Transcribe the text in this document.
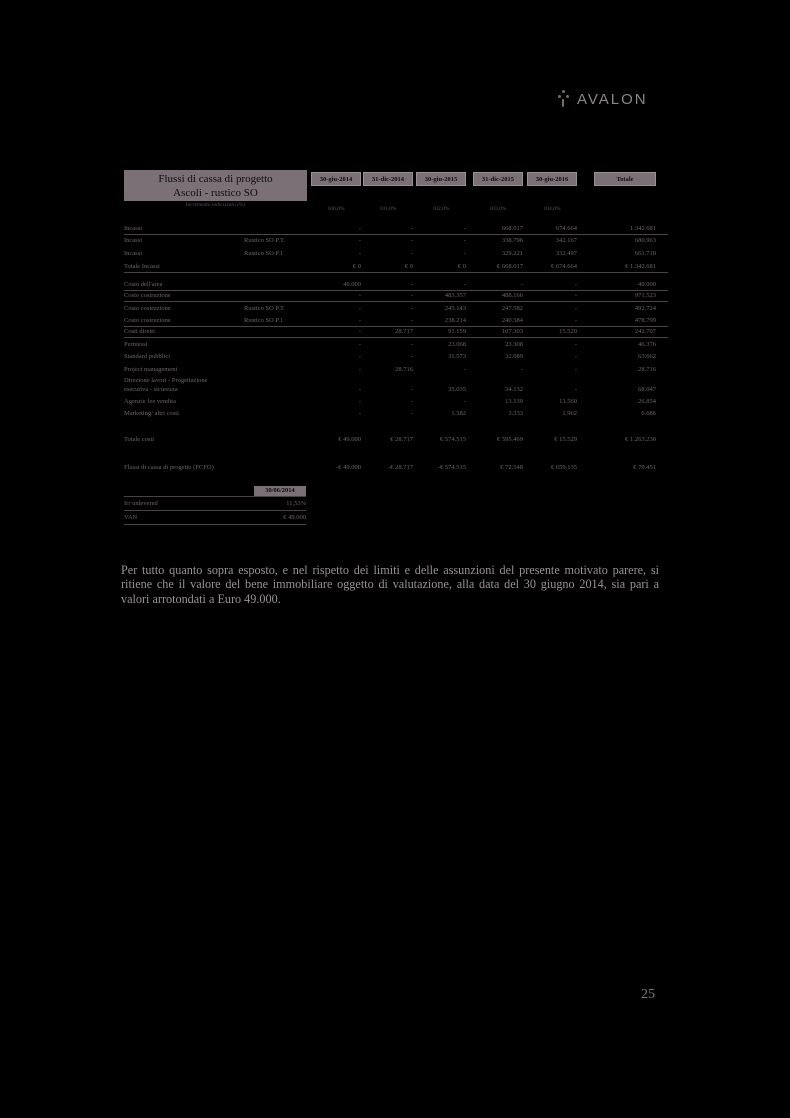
AVALON
Flussi di cassa di progetto
Ascoli - rustico SO
Incremento indicizzato (%)
30-giu-2014	31-dic-2014	30-giu-2015	31-dic-2015	30-giu-2016	Totale
100,0%	101,0%	102,0%	103,0%	104,0%
Incassi	-	-	-	668.017	674.664	1.342.681
Incassi	Rustico SO P.T.	-	-	-	338.796	342.167	680.963
Incassi	Rustico SO P.1	-	-	-	329.221	332.497	661.718
Totale Incassi	€ 0	€ 0	€ 0	€ 668.017	€ 674.664	€ 1.342.681
Costo dell'area	49.000	-	-	-	-	49.000
Costo costruzione	-	-	483.357	488.166	-	971.523
Costo costruzione	Rustico SO P.T.	-	-	245.143	247.582	-	492.724
Costo costruzione	Rustico SO P.1	-	-	238.214	240.584	-	478.799
Costi diretti	-	28.717	91.159	107.303	15.529	242.707
Permessi	-	-	23.068	23.308	-	46.376
Standard pubblici	-	-	31.573	32.089	-	63.662
Project management	-	28.716	-	-	-	28.716
Direzione lavori - Progettazione
esecutiva - sicurezza	-	-	35.035	34.132	-	68.047
Agenzie fee vendita	-	-	-	13.139	13.560	26.854
Marketing/ altri costi	-	-	1.382	3.333	1.962	6.686
Totale costi	€ 49.000	€ 28.717	€ 574.515	€ 595.469	€ 15.529	€ 1.263.230
Flussi di cassa di progetto (FCFO)	-€ 49.000	-€ 28.717	-€ 574.515	€ 72.548	€ 659.135	€ 79.451
30/06/2014
Irr unlevered	11,53%
VAN	€ 49.000
Per tutto quanto sopra esposto, e nel rispetto dei limiti e delle assunzioni del presente motivato parere, si ritiene che il valore del bene immobiliare oggetto di valutazione, alla data del 30 giugno 2014, sia pari a valori arrotondati a Euro 49.000.
25
